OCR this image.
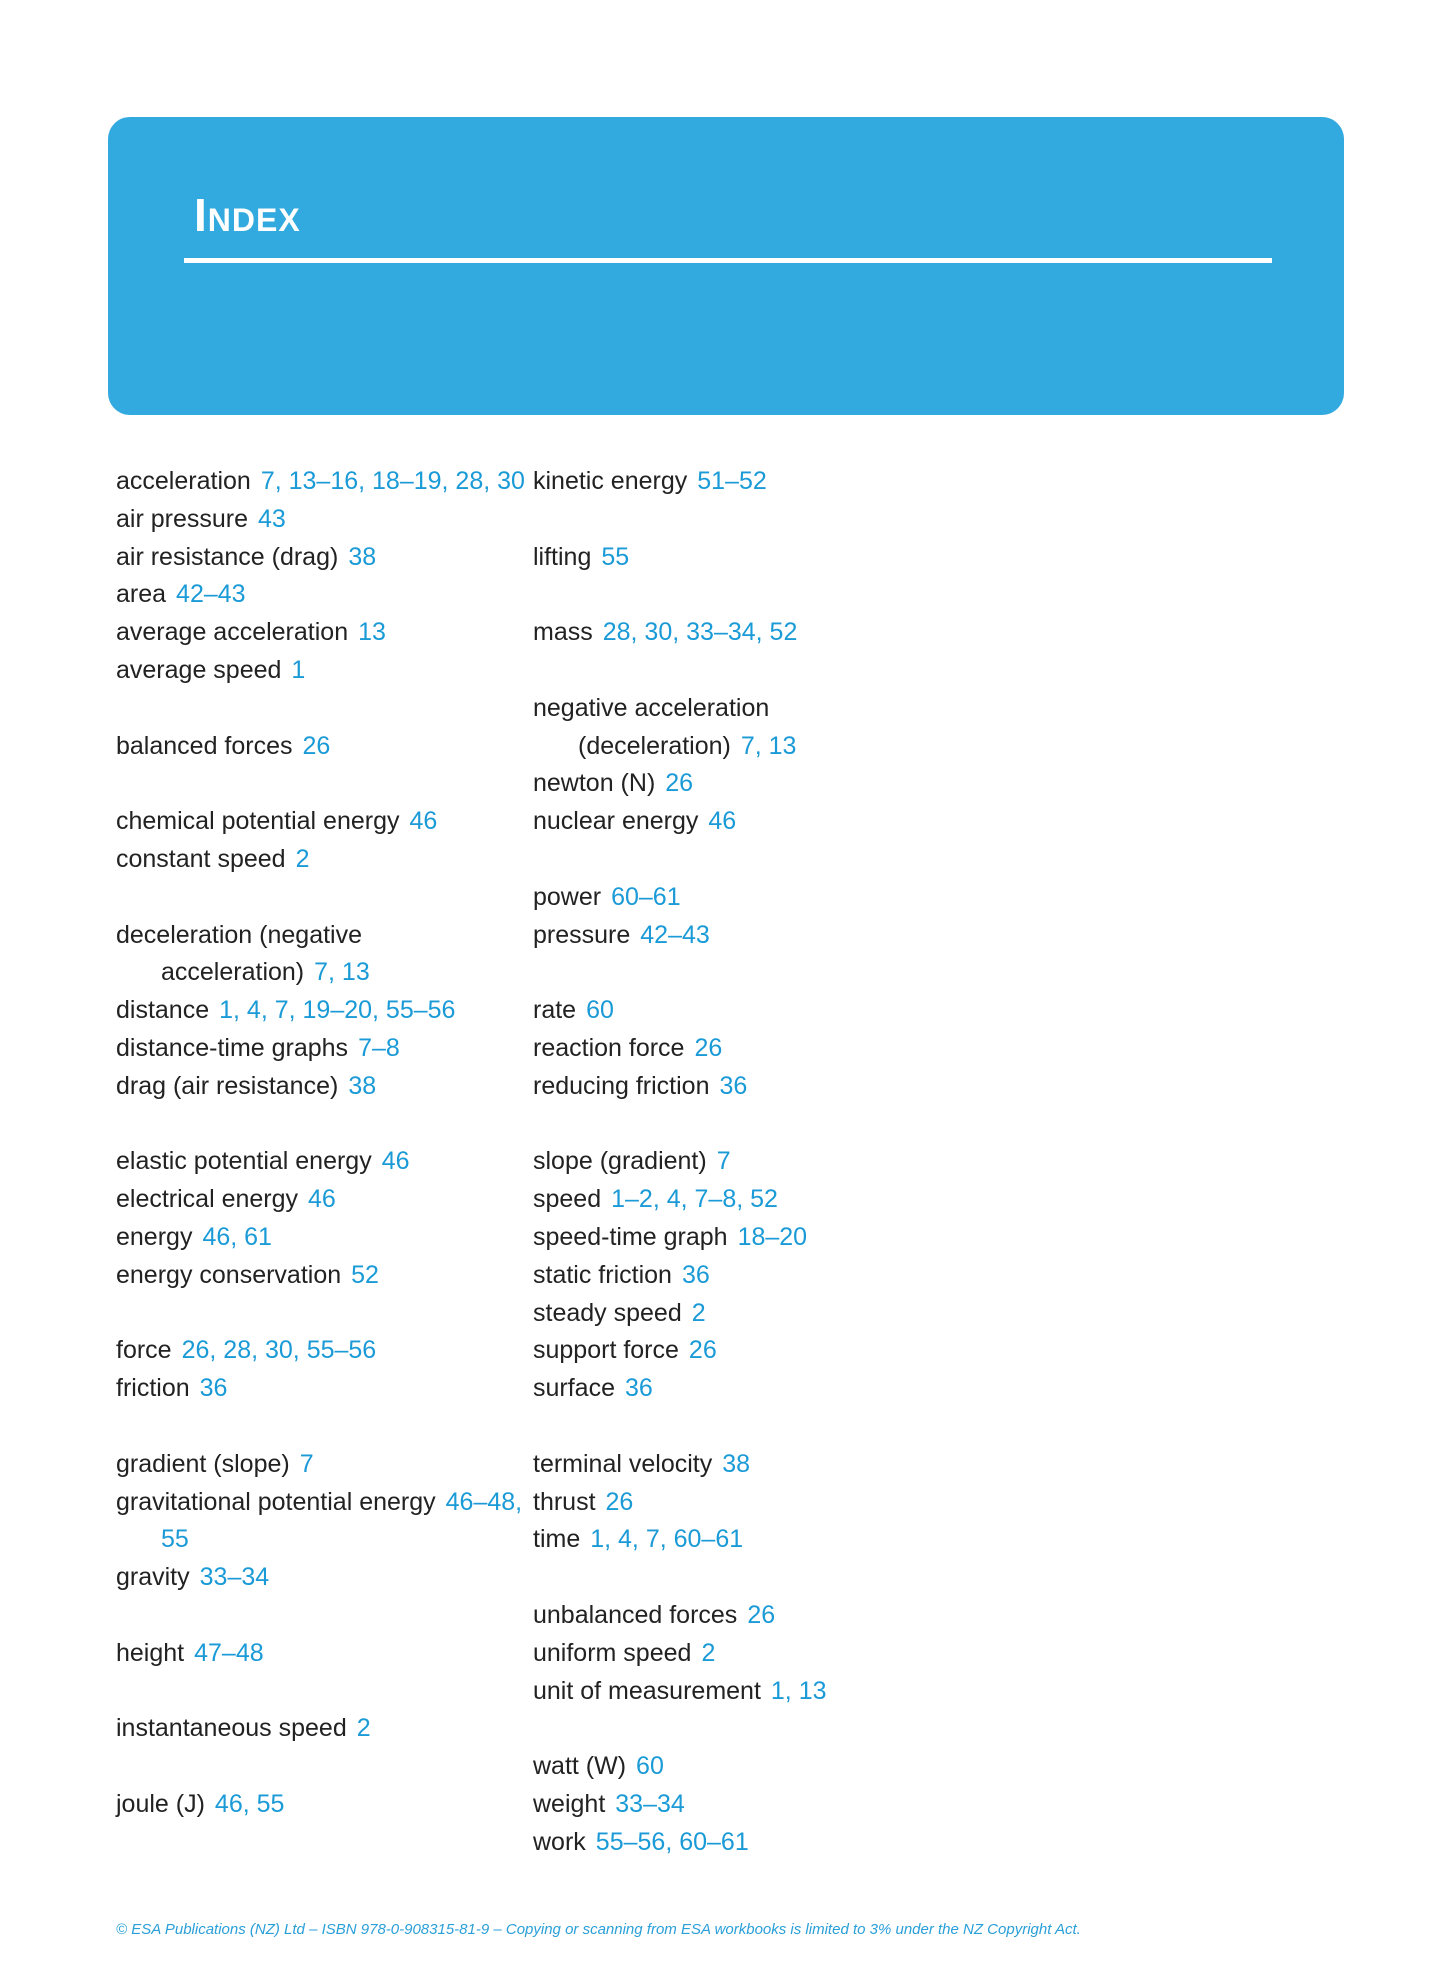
Index
acceleration 7, 13–16, 18–19, 28, 30
air pressure 43
air resistance (drag) 38
area 42–43
average acceleration 13
average speed 1
balanced forces 26
chemical potential energy 46
constant speed 2
deceleration (negative acceleration) 7, 13
distance 1, 4, 7, 19–20, 55–56
distance-time graphs 7–8
drag (air resistance) 38
elastic potential energy 46
electrical energy 46
energy 46, 61
energy conservation 52
force 26, 28, 30, 55–56
friction 36
gradient (slope) 7
gravitational potential energy 46–48, 55
gravity 33–34
height 47–48
instantaneous speed 2
joule (J) 46, 55
kinetic energy 51–52
lifting 55
mass 28, 30, 33–34, 52
negative acceleration (deceleration) 7, 13
newton (N) 26
nuclear energy 46
power 60–61
pressure 42–43
rate 60
reaction force 26
reducing friction 36
slope (gradient) 7
speed 1–2, 4, 7–8, 52
speed-time graph 18–20
static friction 36
steady speed 2
support force 26
surface 36
terminal velocity 38
thrust 26
time 1, 4, 7, 60–61
unbalanced forces 26
uniform speed 2
unit of measurement 1, 13
watt (W) 60
weight 33–34
work 55–56, 60–61
© ESA Publications (NZ) Ltd – ISBN 978-0-908315-81-9 – Copying or scanning from ESA workbooks is limited to 3% under the NZ Copyright Act.
